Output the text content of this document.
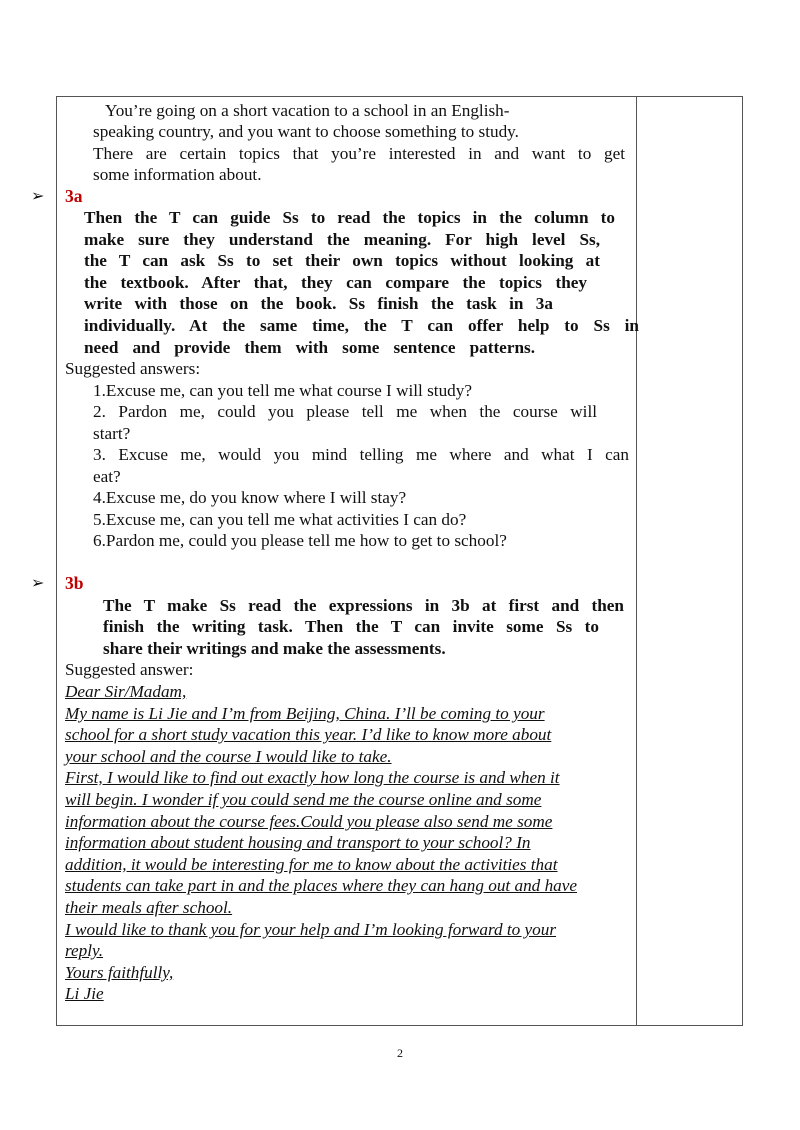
You’re going on a short vacation to a school in an English-
speaking country, and you want to choose something to study.
There are certain topics that you’re interested in and want to get
some information about.
➢ 3a
Then the T can guide Ss to read the topics in the column to
make sure they understand the meaning. For high level Ss,
the T can ask Ss to set their own topics without looking at
the textbook. After that, they can compare the topics they
write with those on the book. Ss finish the task in 3a
individually. At the same time, the T can offer help to Ss in
need and provide them with some sentence patterns.
Suggested answers:
1.Excuse me, can you tell me what course I will study?
2. Pardon me, could you please tell me when the course will
start?
3. Excuse me, would you mind telling me where and what I can
eat?
4.Excuse me, do you know where I will stay?
5.Excuse me, can you tell me what activities I can do?
6.Pardon me, could you please tell me how to get to school?
➢ 3b
The T make Ss read the expressions in 3b at first and then
finish the writing task. Then the T can invite some Ss to
share their writings and make the assessments.
Suggested answer:
Dear Sir/Madam,
My name is Li Jie and I’m from Beijing, China. I’ll be coming to your
school for a short study vacation this year. I’d like to know more about
your school and the course I would like to take.
First, I would like to find out exactly how long the course is and when it
will begin. I wonder if you could send me the course online and some
information about the course fees.Could you please also send me some
information about student housing and transport to your school? In
addition, it would be interesting for me to know about the activities that
students can take part in and the places where they can hang out and have
their meals after school.
I would like to thank you for your help and I’m looking forward to your
reply.
Yours faithfully,
Li Jie
2
